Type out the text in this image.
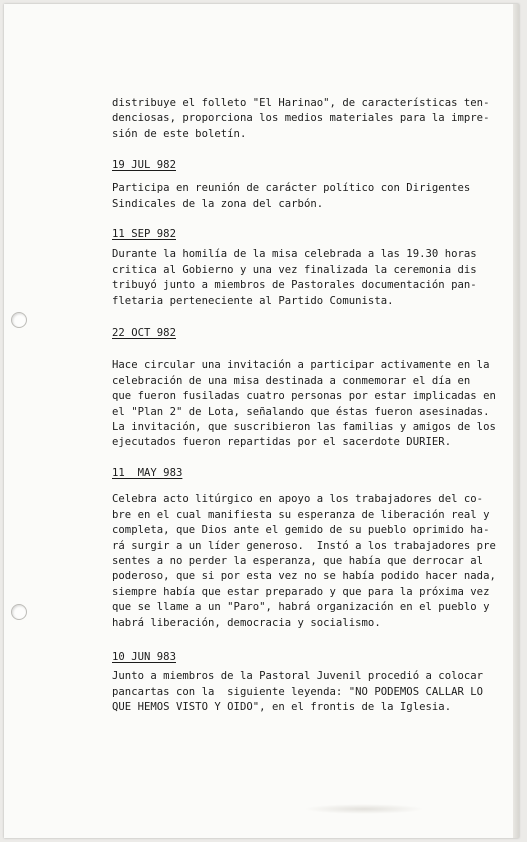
distribuye el folleto "El Harinao", de características ten-

denciosas, proporciona los medios materiales para la impre-

sión de este boletín.

19 JUL 982

Participa en reunión de carácter político con Dirigentes

Sindicales de la zona del carbón.

11 SEP 982

Durante la homilía de la misa celebrada a las 19.30 horas

critica al Gobierno y una vez finalizada la ceremonia dis

tribuyó junto a miembros de Pastorales documentación pan-

fletaria perteneciente al Partido Comunista.

22 OCT 982

Hace circular una invitación a participar activamente en la

celebración de una misa destinada a conmemorar el día en

que fueron fusiladas cuatro personas por estar implicadas en

el "Plan 2" de Lota, señalando que éstas fueron asesinadas.

La invitación, que suscribieron las familias y amigos de los

ejecutados fueron repartidas por el sacerdote DURIER.

11  MAY 983

Celebra acto litúrgico en apoyo a los trabajadores del co-

bre en el cual manifiesta su esperanza de liberación real y

completa, que Dios ante el gemido de su pueblo oprimido ha-

rá surgir a un líder generoso.  Instó a los trabajadores pre

sentes a no perder la esperanza, que había que derrocar al

poderoso, que si por esta vez no se había podido hacer nada,

siempre había que estar preparado y que para la próxima vez

que se llame a un "Paro", habrá organización en el pueblo y

habrá liberación, democracia y socialismo.

10 JUN 983

Junto a miembros de la Pastoral Juvenil procedió a colocar

pancartas con la  siguiente leyenda: "NO PODEMOS CALLAR LO

QUE HEMOS VISTO Y OIDO", en el frontis de la Iglesia.
